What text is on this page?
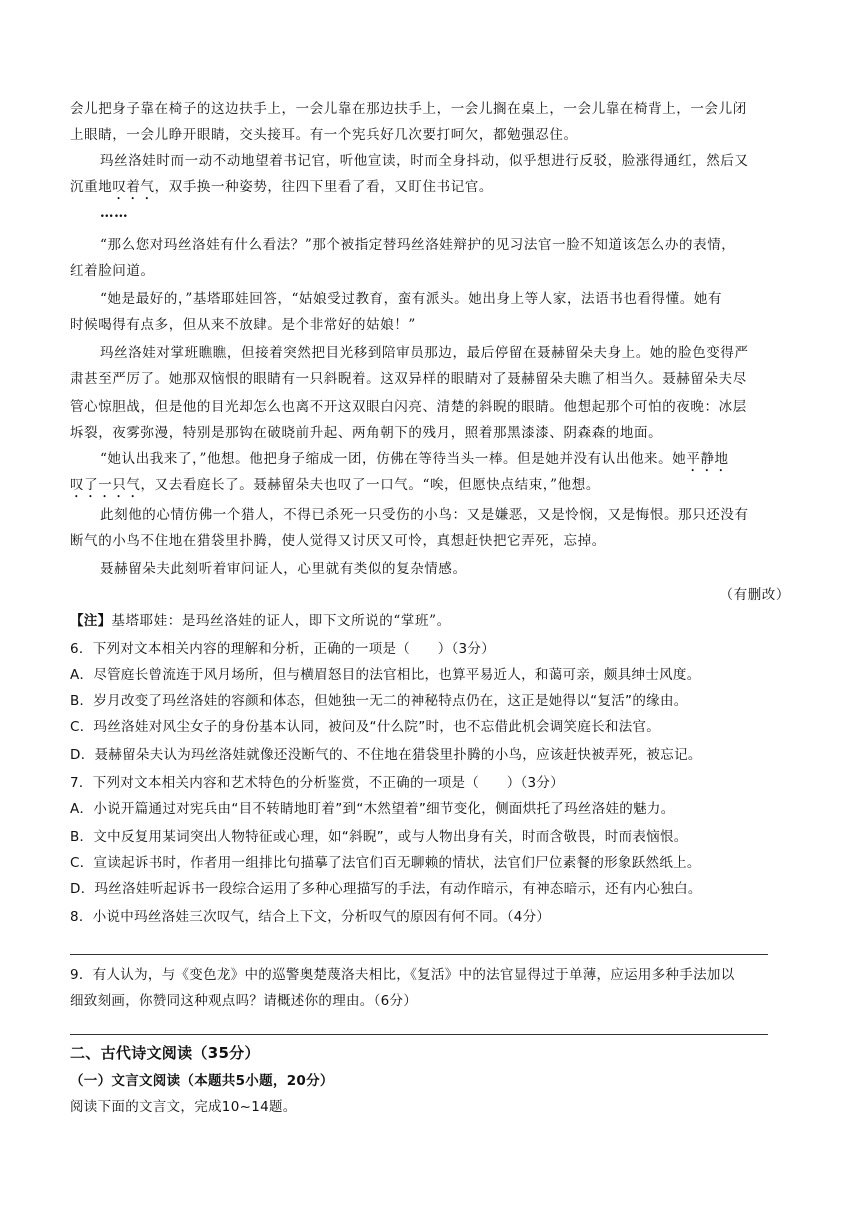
会儿把身子靠在椅子的这边扶手上，一会儿靠在那边扶手上，一会儿搁在桌上，一会儿靠在椅背上，一会儿闭
上眼睛，一会儿睁开眼睛，交头接耳。有一个宪兵好几次要打呵欠，都勉强忍住。
玛丝洛娃时而一动不动地望着书记官，听他宣读，时而全身抖动，似乎想进行反驳，脸涨得通红，然后又
沉重地叹着气，双手换一种姿势，往四下里看了看，又盯住书记官。
……
“那么您对玛丝洛娃有什么看法？”那个被指定替玛丝洛娃辩护的见习法官一脸不知道该怎么办的表情，
红着脸问道。
“她是最好的，”基塔耶娃回答，“姑娘受过教育，蛮有派头。她出身上等人家，法语书也看得懂。她有
时候喝得有点多，但从来不放肆。是个非常好的姑娘！”
玛丝洛娃对掌班瞧瞧，但接着突然把目光移到陪审员那边，最后停留在聂赫留朵夫身上。她的脸色变得严
肃甚至严厉了。她那双恼恨的眼睛有一只斜睨着。这双异样的眼睛对了聂赫留朵夫瞧了相当久。聂赫留朵夫尽
管心惊胆战，但是他的目光却怎么也离不开这双眼白闪亮、清楚的斜睨的眼睛。他想起那个可怕的夜晚：冰层
坼裂，夜雾弥漫，特别是那钩在破晓前升起、两角朝下的残月，照着那黑漆漆、阴森森的地面。
“她认出我来了，”他想。他把身子缩成一团，仿佛在等待当头一棒。但是她并没有认出他来。她平静地
叹了一只气，又去看庭长了。聂赫留朵夫也叹了一口气。“唉，但愿快点结束，”他想。
此刻他的心情仿佛一个猎人，不得已杀死一只受伤的小鸟：又是嫌恶，又是怜悯，又是悔恨。那只还没有
断气的小鸟不住地在猎袋里扑腾，使人觉得又讨厌又可怜，真想赶快把它弄死，忘掉。
聂赫留朵夫此刻听着审问证人，心里就有类似的复杂情感。
（有删改）
【注】基塔耶娃：是玛丝洛娃的证人，即下文所说的“掌班”。
6．下列对文本相关内容的理解和分析，正确的一项是（　　）（3分）
A．尽管庭长曾流连于风月场所，但与横眉怒目的法官相比，也算平易近人，和蔼可亲，颇具绅士风度。
B．岁月改变了玛丝洛娃的容颜和体态，但她独一无二的神秘特点仍在，这正是她得以“复活”的缘由。
C．玛丝洛娃对风尘女子的身份基本认同，被问及“什么院”时，也不忘借此机会调笑庭长和法官。
D．聂赫留朵夫认为玛丝洛娃就像还没断气的、不住地在猎袋里扑腾的小鸟，应该赶快被弄死，被忘记。
7．下列对文本相关内容和艺术特色的分析鉴赏，不正确的一项是（　　）（3分）
A．小说开篇通过对宪兵由“目不转睛地盯着”到“木然望着”细节变化，侧面烘托了玛丝洛娃的魅力。
B．文中反复用某词突出人物特征或心理，如“斜睨”，或与人物出身有关，时而含敬畏，时而表恼恨。
C．宣读起诉书时，作者用一组排比句描摹了法官们百无聊赖的情状，法官们尸位素餐的形象跃然纸上。
D．玛丝洛娃听起诉书一段综合运用了多种心理描写的手法，有动作暗示，有神态暗示，还有内心独白。
8．小说中玛丝洛娃三次叹气，结合上下文，分析叹气的原因有何不同。（4分）
9．有人认为，与《变色龙》中的巡警奥楚蔑洛夫相比，《复活》中的法官显得过于单薄，应运用多种手法加以
细致刻画，你赞同这种观点吗？请概述你的理由。（6分）
二、古代诗文阅读（35分）
（一）文言文阅读（本题共5小题，20分）
阅读下面的文言文，完成10~14题。
